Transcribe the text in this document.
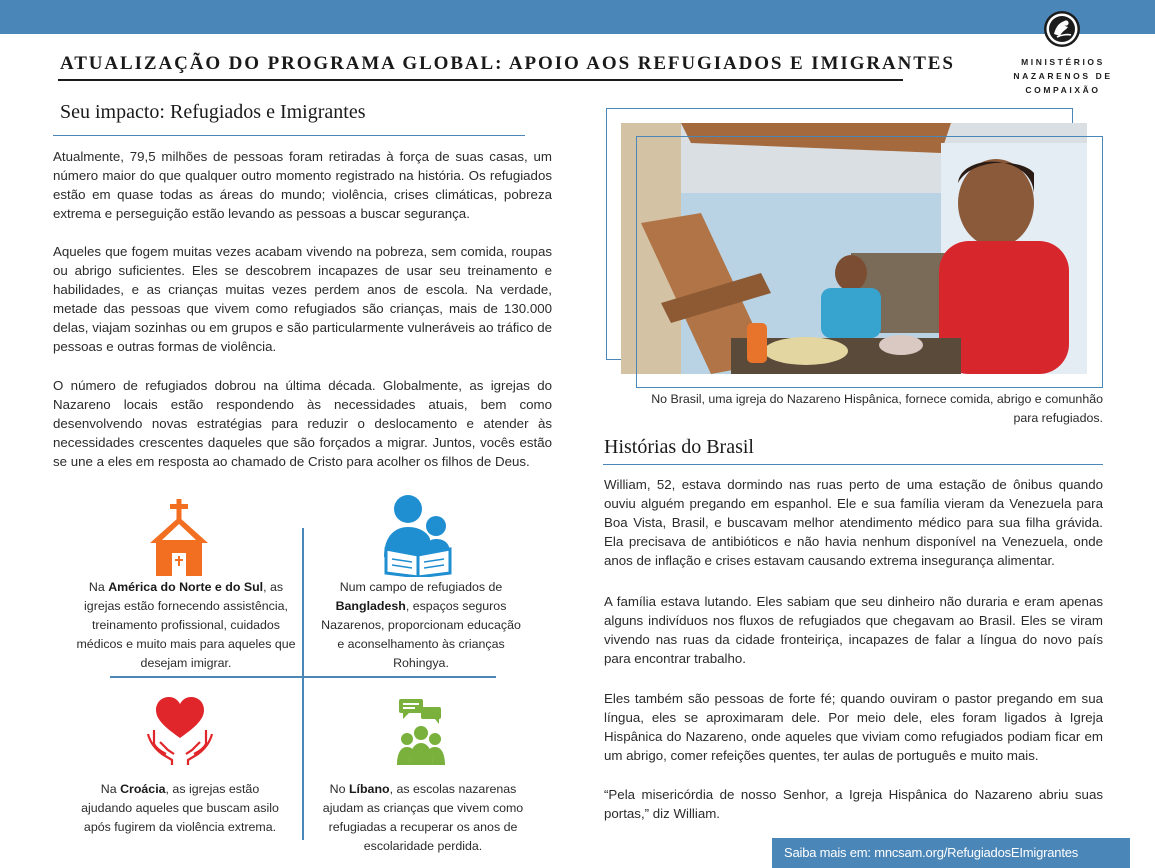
MINISTÉRIOS
NAZARENOS DE
COMPAIXÃO
ATUALIZAÇÃO DO PROGRAMA GLOBAL: APOIO AOS REFUGIADOS E IMIGRANTES
Seu impacto: Refugiados e Imigrantes

Atualmente, 79,5 milhões de pessoas foram retiradas à força de suas casas, um número maior do que qualquer outro momento registrado na história. Os refugiados estão em quase todas as áreas do mundo; violência, crises climáticas, pobreza extrema e perseguição estão levando as pessoas a buscar segurança.

Aqueles que fogem muitas vezes acabam vivendo na pobreza, sem comida, roupas ou abrigo suficientes. Eles se descobrem incapazes de usar seu treinamento e habilidades, e as crianças muitas vezes perdem anos de escola. Na verdade, metade das pessoas que vivem como refugiados são crianças, mais de 130.000 delas, viajam sozinhas ou em grupos e são particularmente vulneráveis ao tráfico de pessoas e outras formas de violência.

O número de refugiados dobrou na última década. Globalmente, as igrejas do Nazareno locais estão respondendo às necessidades atuais, bem como desenvolvendo novas estratégias para reduzir o deslocamento e atender às necessidades crescentes daqueles que são forçados a migrar. Juntos, vocês estão se une a eles em resposta ao chamado de Cristo para acolher os filhos de Deus.

Na América do Norte e do Sul, as igrejas estão fornecendo assistência, treinamento profissional, cuidados médicos e muito mais para aqueles que desejam imigrar.

Num campo de refugiados de Bangladesh, espaços seguros Nazarenos, proporcionam educação e aconselhamento às crianças Rohingya.

Na Croácia, as igrejas estão ajudando aqueles que buscam asilo após fugirem da violência extrema.

No Líbano, as escolas nazarenas ajudam as crianças que vivem como refugiadas a recuperar os anos de escolaridade perdida.

No Brasil, uma igreja do Nazareno Hispânica, fornece comida, abrigo e comunhão para refugiados.

Histórias do Brasil

William, 52, estava dormindo nas ruas perto de uma estação de ônibus quando ouviu alguém pregando em espanhol. Ele e sua família vieram da Venezuela para Boa Vista, Brasil, e buscavam melhor atendimento médico para sua filha grávida. Ela precisava de antibióticos e não havia nenhum disponível na Venezuela, onde anos de inflação e crises estavam causando extrema insegurança alimentar.

A família estava lutando. Eles sabiam que seu dinheiro não duraria e eram apenas alguns indivíduos nos fluxos de refugiados que chegavam ao Brasil. Eles se viram vivendo nas ruas da cidade fronteiriça, incapazes de falar a língua do novo país para encontrar trabalho.

Eles também são pessoas de forte fé; quando ouviram o pastor pregando em sua língua, eles se aproximaram dele. Por meio dele, eles foram ligados à Igreja Hispânica do Nazareno, onde aqueles que viviam como refugiados podiam ficar em um abrigo, comer refeições quentes, ter aulas de português e muito mais.

“Pela misericórdia de nosso Senhor, a Igreja Hispânica do Nazareno abriu suas portas,” diz William.

Saiba mais em: mncsam.org/RefugiadosEImigrantes
